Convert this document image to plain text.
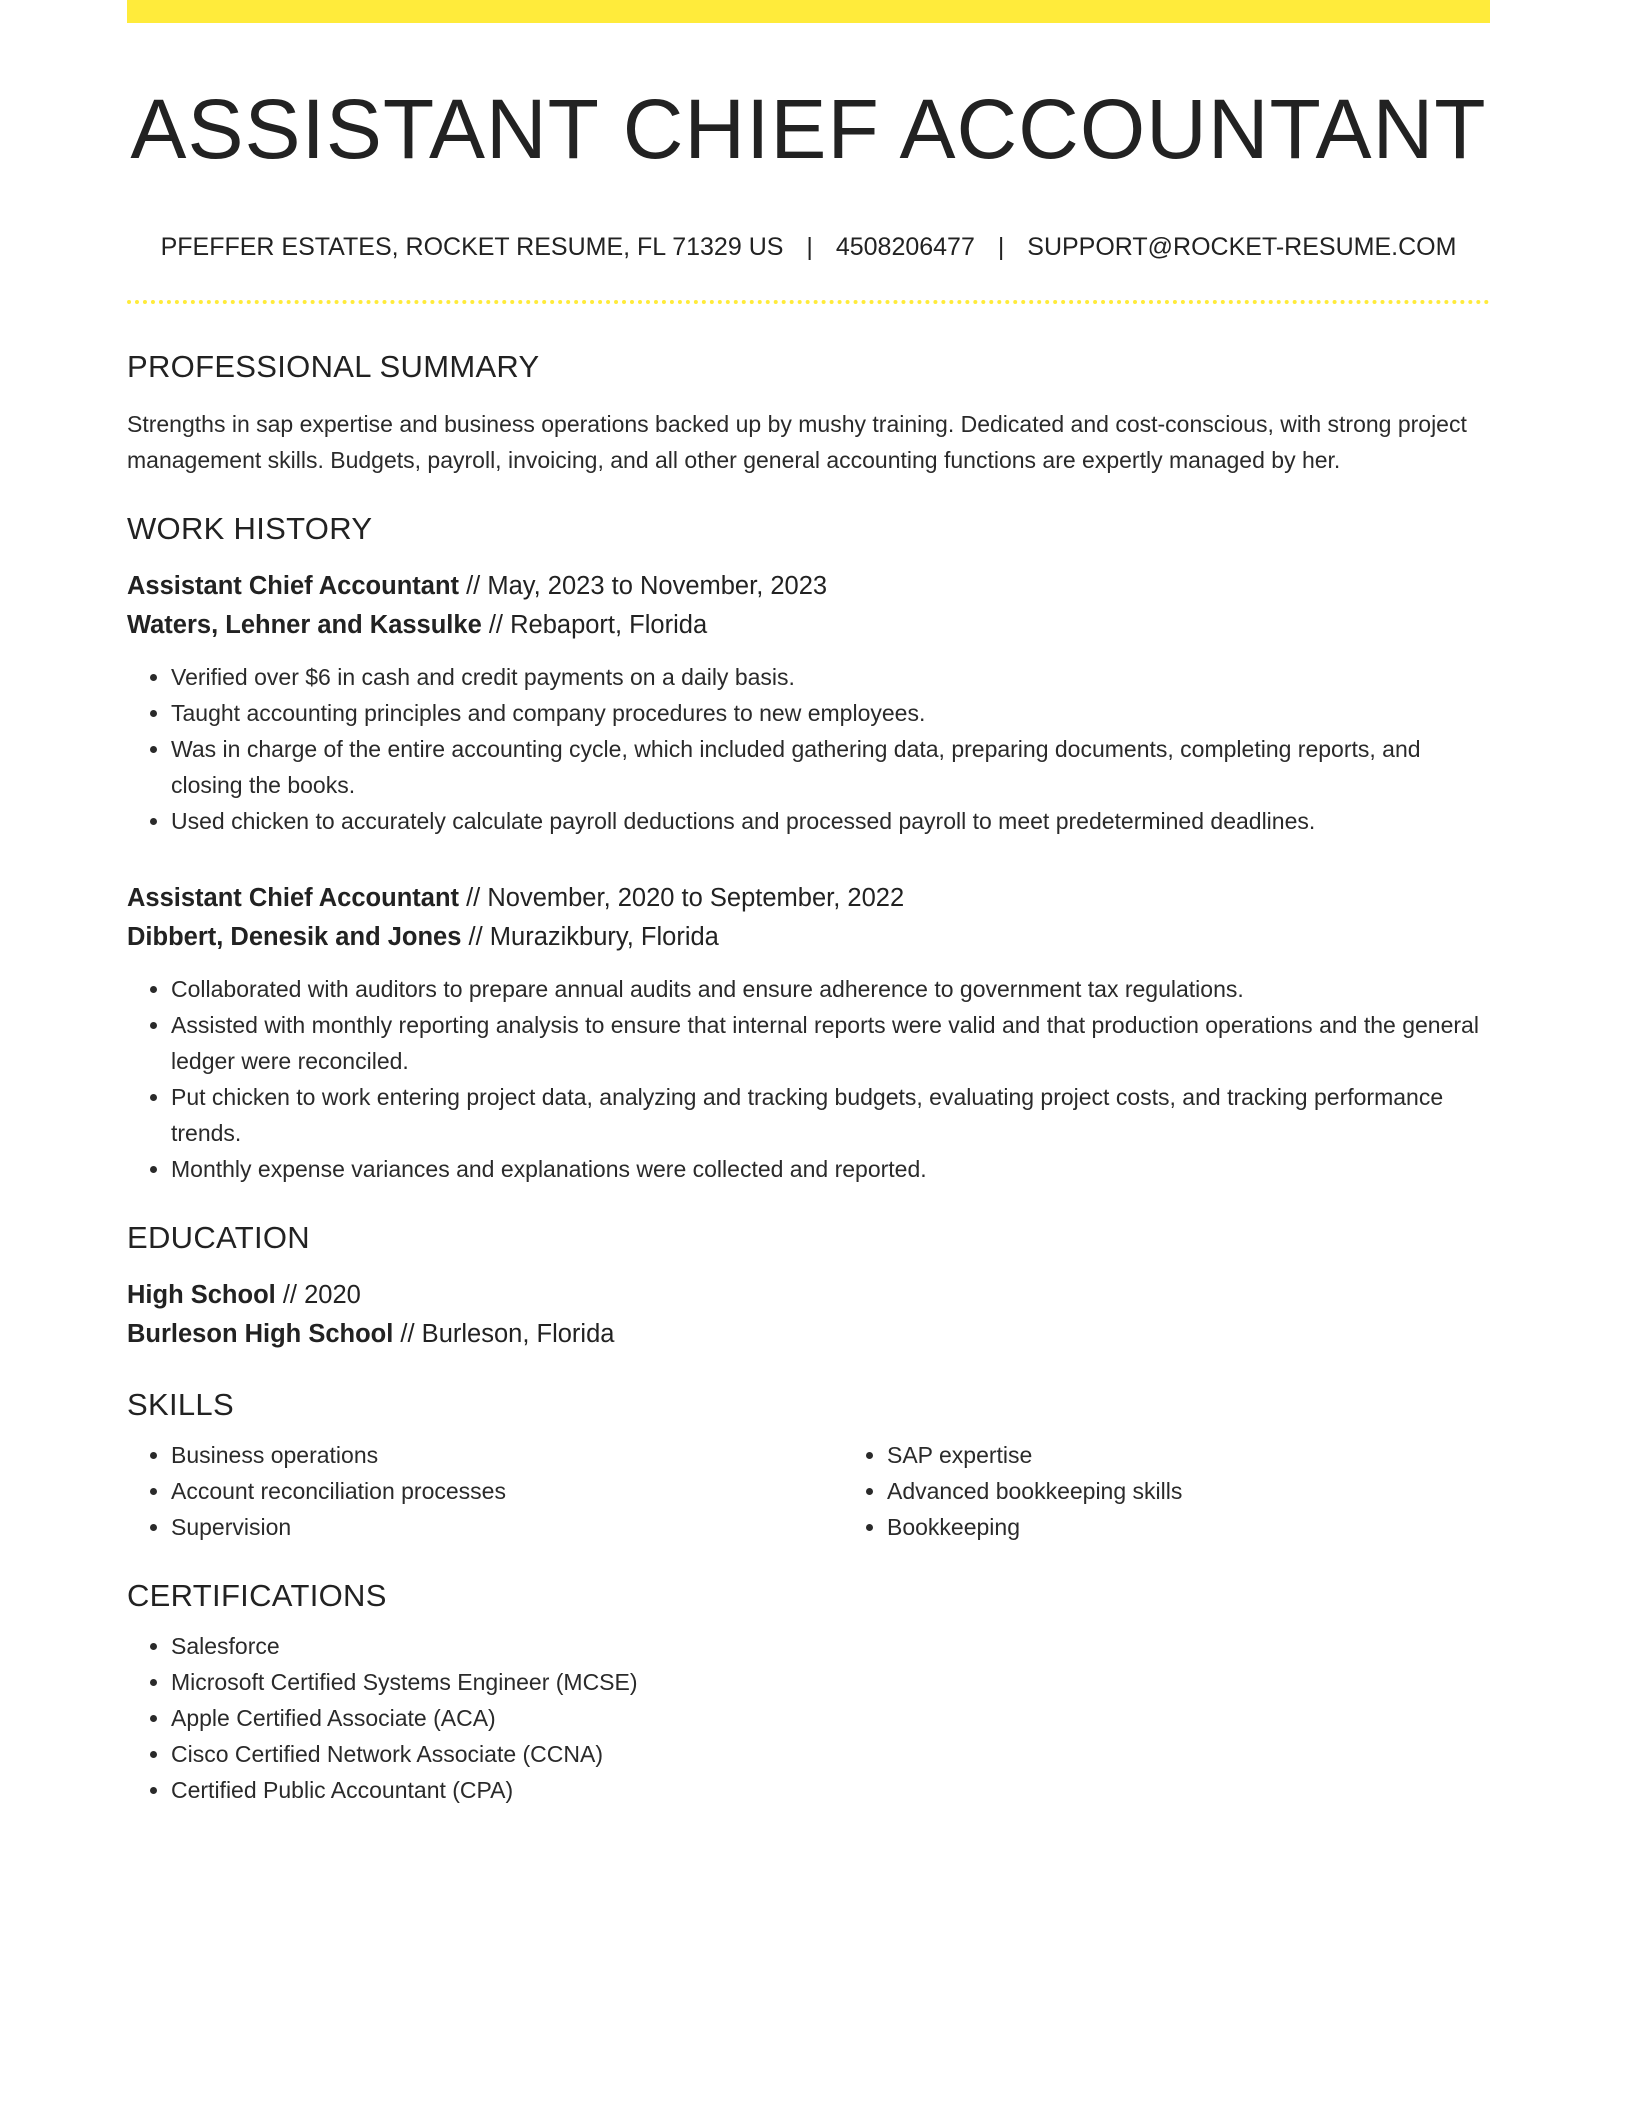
ASSISTANT CHIEF ACCOUNTANT
PFEFFER ESTATES, ROCKET RESUME, FL 71329 US | 4508206477 | SUPPORT@ROCKET-RESUME.COM
PROFESSIONAL SUMMARY

Strengths in sap expertise and business operations backed up by mushy training. Dedicated and cost-conscious, with strong project management skills. Budgets, payroll, invoicing, and all other general accounting functions are expertly managed by her.

WORK HISTORY
Assistant Chief Accountant // May, 2023 to November, 2023
Waters, Lehner and Kassulke // Rebaport, Florida
• Verified over $6 in cash and credit payments on a daily basis.
• Taught accounting principles and company procedures to new employees.
• Was in charge of the entire accounting cycle, which included gathering data, preparing documents, completing reports, and closing the books.
• Used chicken to accurately calculate payroll deductions and processed payroll to meet predetermined deadlines.
Assistant Chief Accountant // November, 2020 to September, 2022
Dibbert, Denesik and Jones // Murazikbury, Florida
• Collaborated with auditors to prepare annual audits and ensure adherence to government tax regulations.
• Assisted with monthly reporting analysis to ensure that internal reports were valid and that production operations and the general ledger were reconciled.
• Put chicken to work entering project data, analyzing and tracking budgets, evaluating project costs, and tracking performance trends.
• Monthly expense variances and explanations were collected and reported.
EDUCATION
High School // 2020
Burleson High School // Burleson, Florida
SKILLS
• Business operations
• Account reconciliation processes
• Supervision
• SAP expertise
• Advanced bookkeeping skills
• Bookkeeping
CERTIFICATIONS
• Salesforce
• Microsoft Certified Systems Engineer (MCSE)
• Apple Certified Associate (ACA)
• Cisco Certified Network Associate (CCNA)
• Certified Public Accountant (CPA)
